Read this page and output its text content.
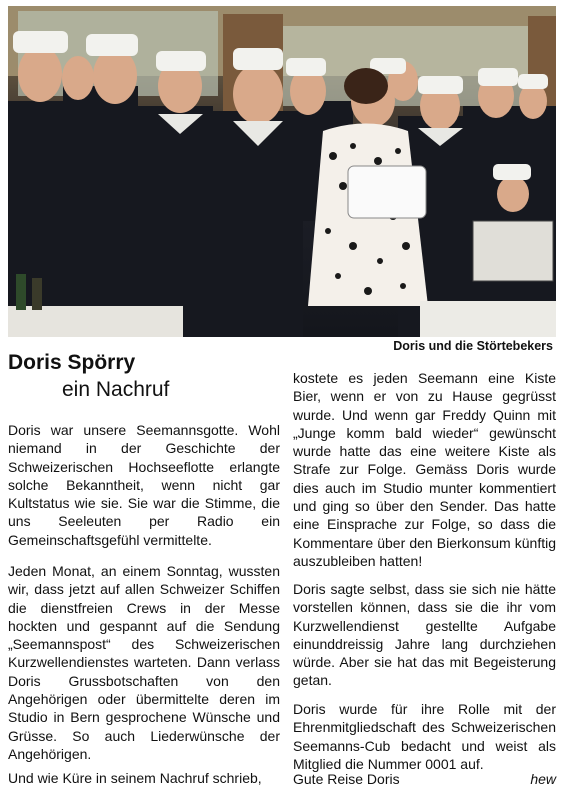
Doris und die Störtebekers
Doris Spörry
ein Nachruf

Doris war unsere Seemannsgotte. Wohl niemand in der Geschichte der Schweizerischen Hochseeflotte erlangte solche Bekanntheit, wenn nicht gar Kultstatus wie sie. Sie war die Stimme, die uns Seeleuten per Radio ein Gemeinschaftsgefühl vermittelte.

Jeden Monat, an einem Sonntag, wussten wir, dass jetzt auf allen Schweizer Schiffen die dienstfreien Crews in der Messe hockten und gespannt auf die Sendung „Seemannspost“ des Schweizerischen Kurzwellendienstes warteten. Dann verlass Doris Grussbotschaften von den Angehörigen oder übermittelte deren im Studio in Bern gesprochene Wünsche und Grüsse. So auch Liederwünsche der Angehörigen.

Und wie Küre in seinem Nachruf schrieb,

kostete es jeden Seemann eine Kiste Bier, wenn er von zu Hause gegrüsst wurde. Und wenn gar Freddy Quinn mit „Junge komm bald wieder“ gewünscht wurde hatte das eine weitere Kiste als Strafe zur Folge. Gemäss Doris wurde dies auch im Studio munter kommentiert und ging so über den Sender. Das hatte eine Einsprache zur Folge, so dass die Kommentare über den Bierkonsum künftig auszubleiben hatten!

Doris sagte selbst, dass sie sich nie hätte vorstellen können, dass sie die ihr vom Kurzwellendienst gestellte Aufgabe einunddreissig Jahre lang durchziehen würde. Aber sie hat das mit Begeisterung getan.

Doris wurde für ihre Rolle mit der Ehrenmitgliedschaft des Schweizerischen Seemanns-Cub bedacht und weist als Mitglied die Nummer 0001 auf.

Gute Reise Doris	hew
